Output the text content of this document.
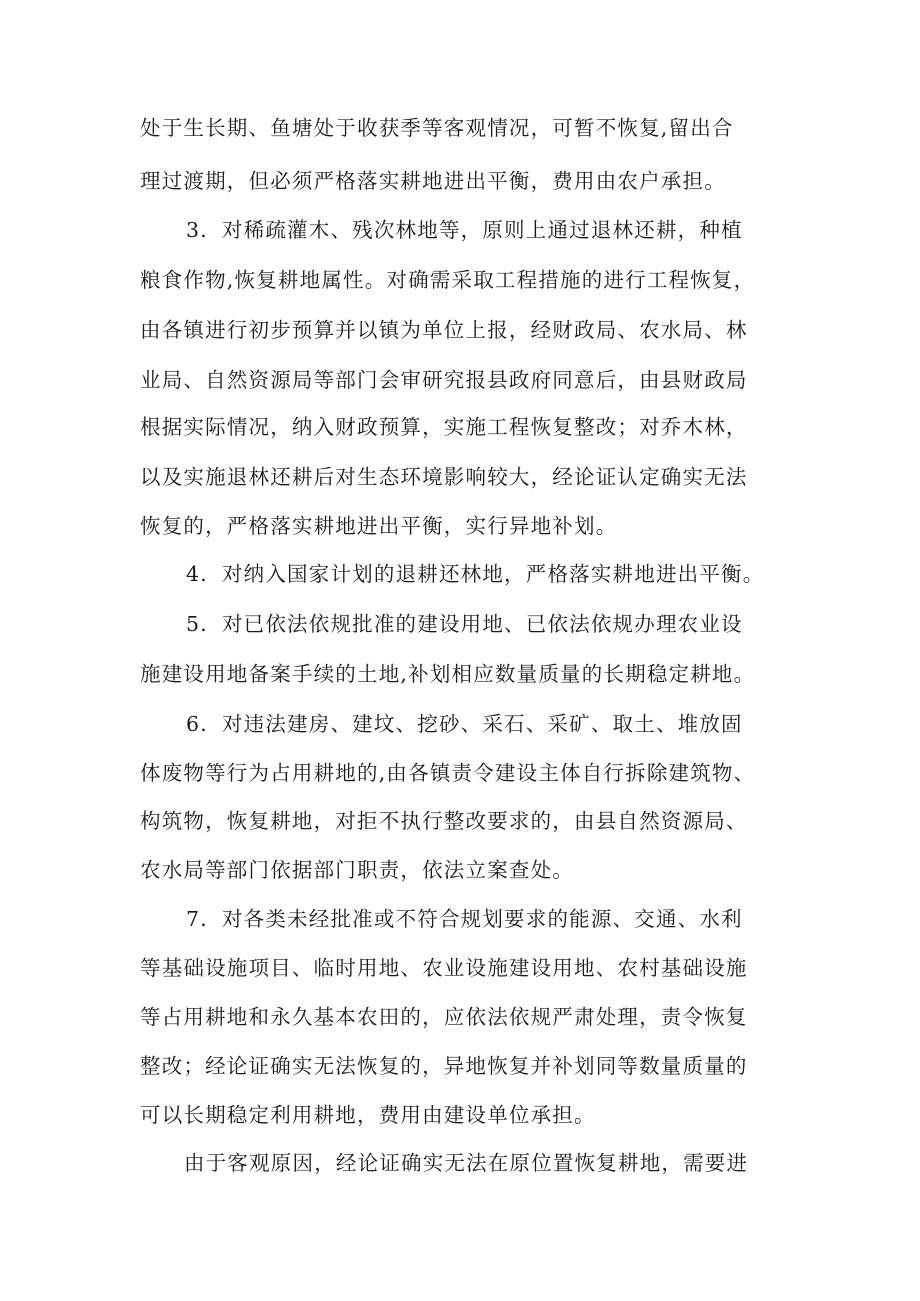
处于生长期、鱼塘处于收获季等客观情况，可暂不恢复,留出合
理过渡期，但必须严格落实耕地进出平衡，费用由农户承担。
3．对稀疏灌木、残次林地等，原则上通过退林还耕，种植
粮食作物,恢复耕地属性。对确需采取工程措施的进行工程恢复，
由各镇进行初步预算并以镇为单位上报，经财政局、农水局、林
业局、自然资源局等部门会审研究报县政府同意后，由县财政局
根据实际情况，纳入财政预算，实施工程恢复整改；对乔木林，
以及实施退林还耕后对生态环境影响较大，经论证认定确实无法
恢复的，严格落实耕地进出平衡，实行异地补划。
4．对纳入国家计划的退耕还林地，严格落实耕地进出平衡。
5．对已依法依规批准的建设用地、已依法依规办理农业设
施建设用地备案手续的土地,补划相应数量质量的长期稳定耕地。
6．对违法建房、建坟、挖砂、采石、采矿、取土、堆放固
体废物等行为占用耕地的,由各镇责令建设主体自行拆除建筑物、
构筑物，恢复耕地，对拒不执行整改要求的，由县自然资源局、
农水局等部门依据部门职责，依法立案查处。
7．对各类未经批准或不符合规划要求的能源、交通、水利
等基础设施项目、临时用地、农业设施建设用地、农村基础设施
等占用耕地和永久基本农田的，应依法依规严肃处理，责令恢复
整改；经论证确实无法恢复的，异地恢复并补划同等数量质量的
可以长期稳定利用耕地，费用由建设单位承担。
由于客观原因，经论证确实无法在原位置恢复耕地，需要进
